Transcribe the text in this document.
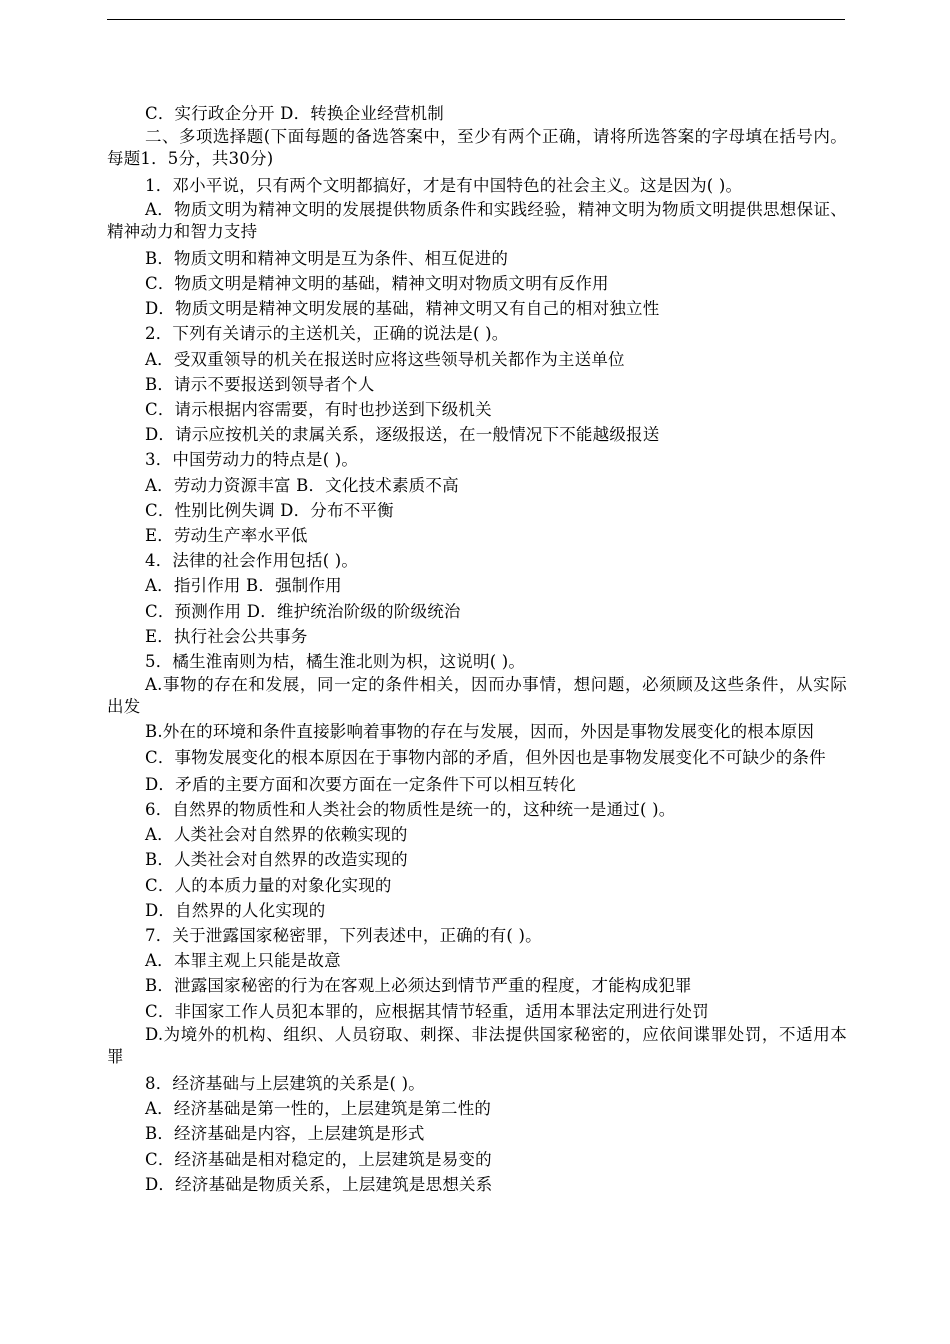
C．实行政企分开 D．转换企业经营机制
二、多项选择题(下面每题的备选答案中，至少有两个正确，请将所选答案的字母填在括号内。每题1．5分，共30分)
1．邓小平说，只有两个文明都搞好，才是有中国特色的社会主义。这是因为( )。
A．物质文明为精神文明的发展提供物质条件和实践经验，精神文明为物质文明提供思想保证、精神动力和智力支持
B．物质文明和精神文明是互为条件、相互促进的
C．物质文明是精神文明的基础，精神文明对物质文明有反作用
D．物质文明是精神文明发展的基础，精神文明又有自己的相对独立性
2．下列有关请示的主送机关，正确的说法是( )。
A．受双重领导的机关在报送时应将这些领导机关都作为主送单位
B．请示不要报送到领导者个人
C．请示根据内容需要，有时也抄送到下级机关
D．请示应按机关的隶属关系，逐级报送，在一般情况下不能越级报送
3．中国劳动力的特点是( )。
A．劳动力资源丰富 B．文化技术素质不高
C．性别比例失调 D．分布不平衡
E．劳动生产率水平低
4．法律的社会作用包括( )。
A．指引作用 B．强制作用
C．预测作用 D．维护统治阶级的阶级统治
E．执行社会公共事务
5．橘生淮南则为桔，橘生淮北则为枳，这说明( )。
A.事物的存在和发展，同一定的条件相关，因而办事情，想问题，必须顾及这些条件，从实际出发
B.外在的环境和条件直接影响着事物的存在与发展，因而，外因是事物发展变化的根本原因
C．事物发展变化的根本原因在于事物内部的矛盾，但外因也是事物发展变化不可缺少的条件
D．矛盾的主要方面和次要方面在一定条件下可以相互转化
6．自然界的物质性和人类社会的物质性是统一的，这种统一是通过( )。
A．人类社会对自然界的依赖实现的
B．人类社会对自然界的改造实现的
C．人的本质力量的对象化实现的
D．自然界的人化实现的
7．关于泄露国家秘密罪，下列表述中，正确的有( )。
A．本罪主观上只能是故意
B．泄露国家秘密的行为在客观上必须达到情节严重的程度，才能构成犯罪
C．非国家工作人员犯本罪的，应根据其情节轻重，适用本罪法定刑进行处罚
D.为境外的机构、组织、人员窃取、刺探、非法提供国家秘密的，应依间谍罪处罚，不适用本罪
8．经济基础与上层建筑的关系是( )。
A．经济基础是第一性的，上层建筑是第二性的
B．经济基础是内容，上层建筑是形式
C．经济基础是相对稳定的，上层建筑是易变的
D．经济基础是物质关系，上层建筑是思想关系
